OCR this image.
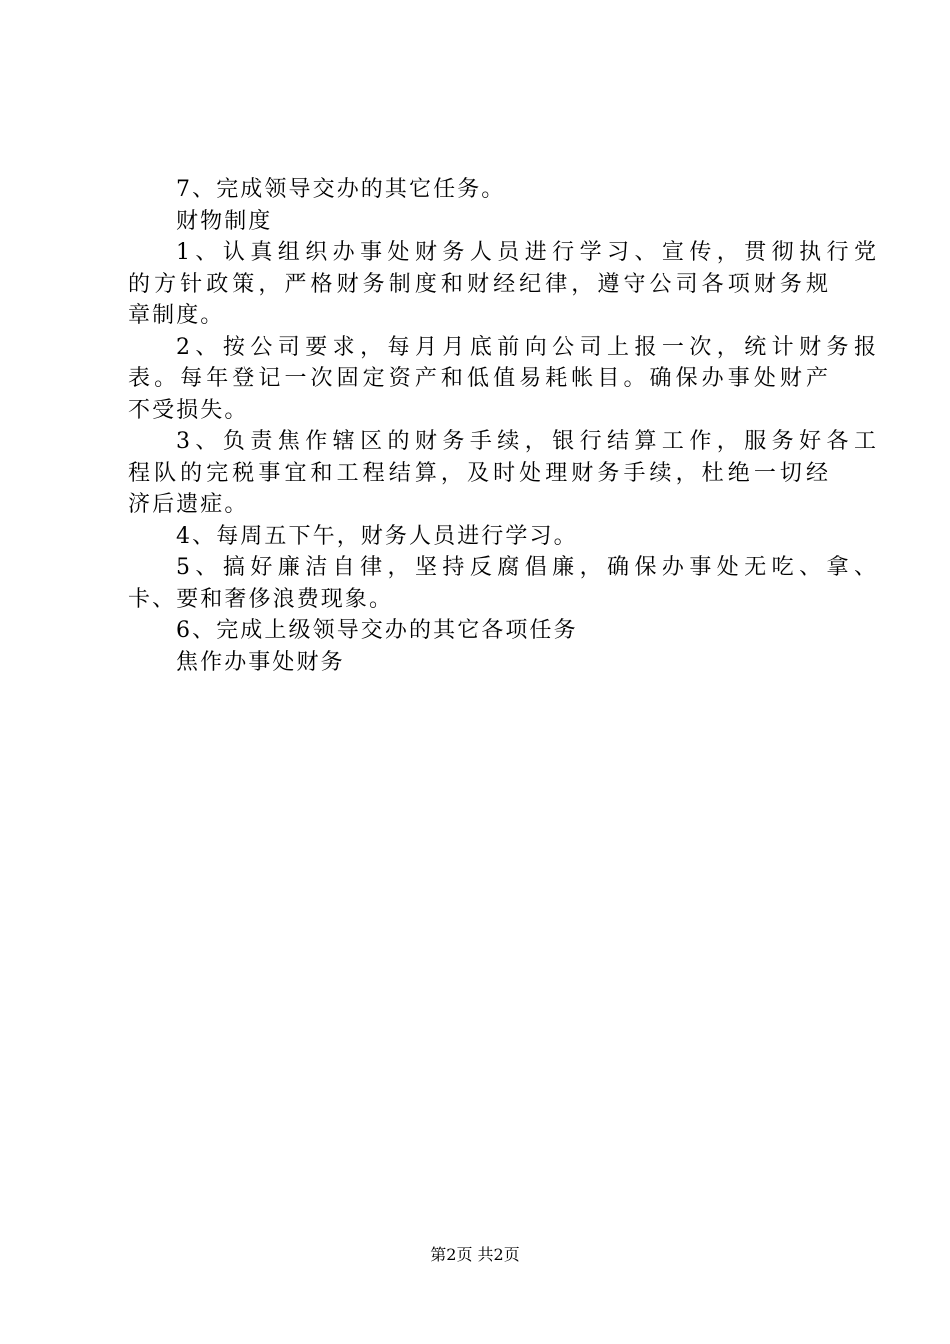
7、完成领导交办的其它任务。

财物制度

1、认真组织办事处财务人员进行学习、宣传，贯彻执行党

的方针政策，严格财务制度和财经纪律，遵守公司各项财务规

章制度。

2、按公司要求，每月月底前向公司上报一次，统计财务报

表。每年登记一次固定资产和低值易耗帐目。确保办事处财产

不受损失。

3、负责焦作辖区的财务手续，银行结算工作，服务好各工

程队的完税事宜和工程结算，及时处理财务手续，杜绝一切经

济后遗症。

4、每周五下午，财务人员进行学习。

5、搞好廉洁自律，坚持反腐倡廉，确保办事处无吃、拿、

卡、要和奢侈浪费现象。

6、完成上级领导交办的其它各项任务

焦作办事处财务

第2页 共2页
